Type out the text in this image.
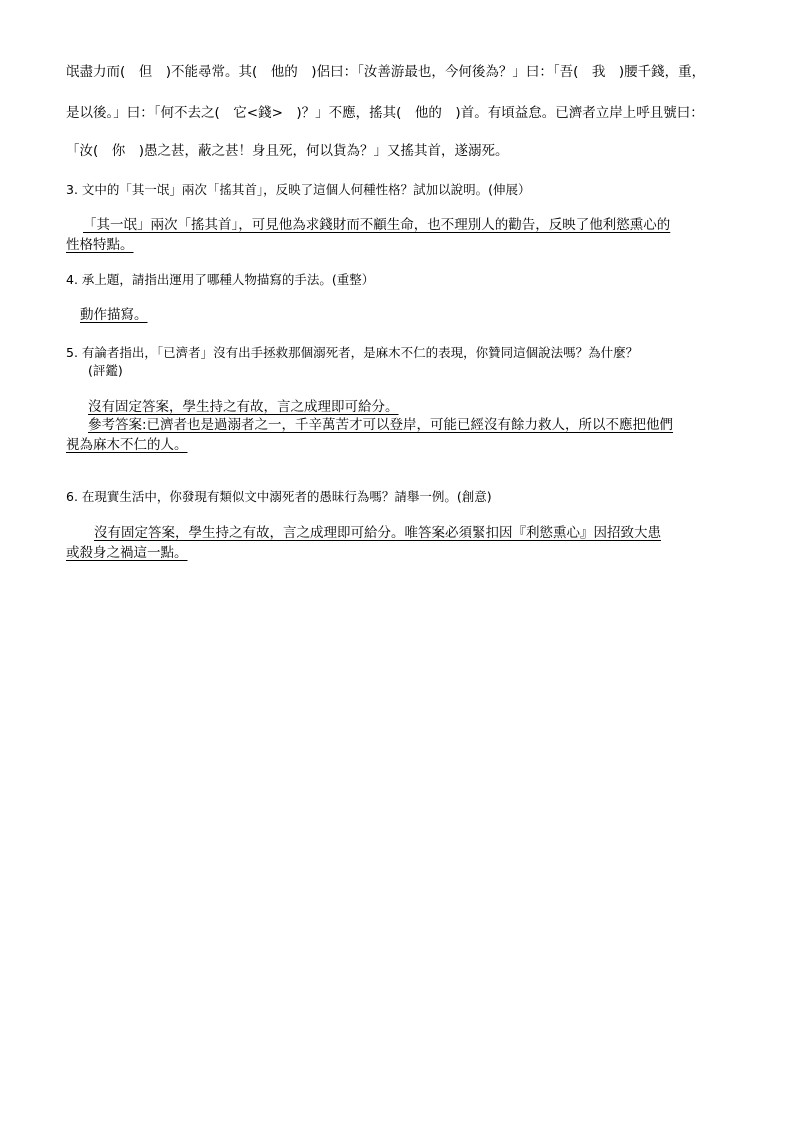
氓盡力而(　但　)不能尋常。其(　他的　)侶曰：「汝善游最也，今何後為？」曰：「吾(　我　)腰千錢，重，
是以後。」曰：「何不去之(　它<錢>　)？」不應，搖其(　他的　)首。有頃益怠。已濟者立岸上呼且號曰：
「汝(　你　)愚之甚，蔽之甚！身且死，何以貨為？」又搖其首，遂溺死。
3. 文中的「其一氓」兩次「搖其首」，反映了這個人何種性格？試加以說明。(伸展）
「其一氓」兩次「搖其首」，可見他為求錢財而不顧生命，也不理別人的勸告，反映了他利慾熏心的
性格特點。
4. 承上題，請指出運用了哪種人物描寫的手法。(重整）
動作描寫。
5. 有論者指出，「已濟者」沒有出手拯救那個溺死者，是麻木不仁的表現，你贊同這個說法嗎？為什麼？
(評鑑)
沒有固定答案，學生持之有故，言之成理即可給分。
參考答案:已濟者也是過溺者之一，千辛萬苦才可以登岸，可能已經沒有餘力救人，所以不應把他們
視為麻木不仁的人。
6. 在現實生活中，你發現有類似文中溺死者的愚昧行為嗎？請舉一例。(創意)
沒有固定答案，學生持之有故，言之成理即可給分。唯答案必須緊扣因『利慾熏心』因招致大患
或殺身之禍這一點。
